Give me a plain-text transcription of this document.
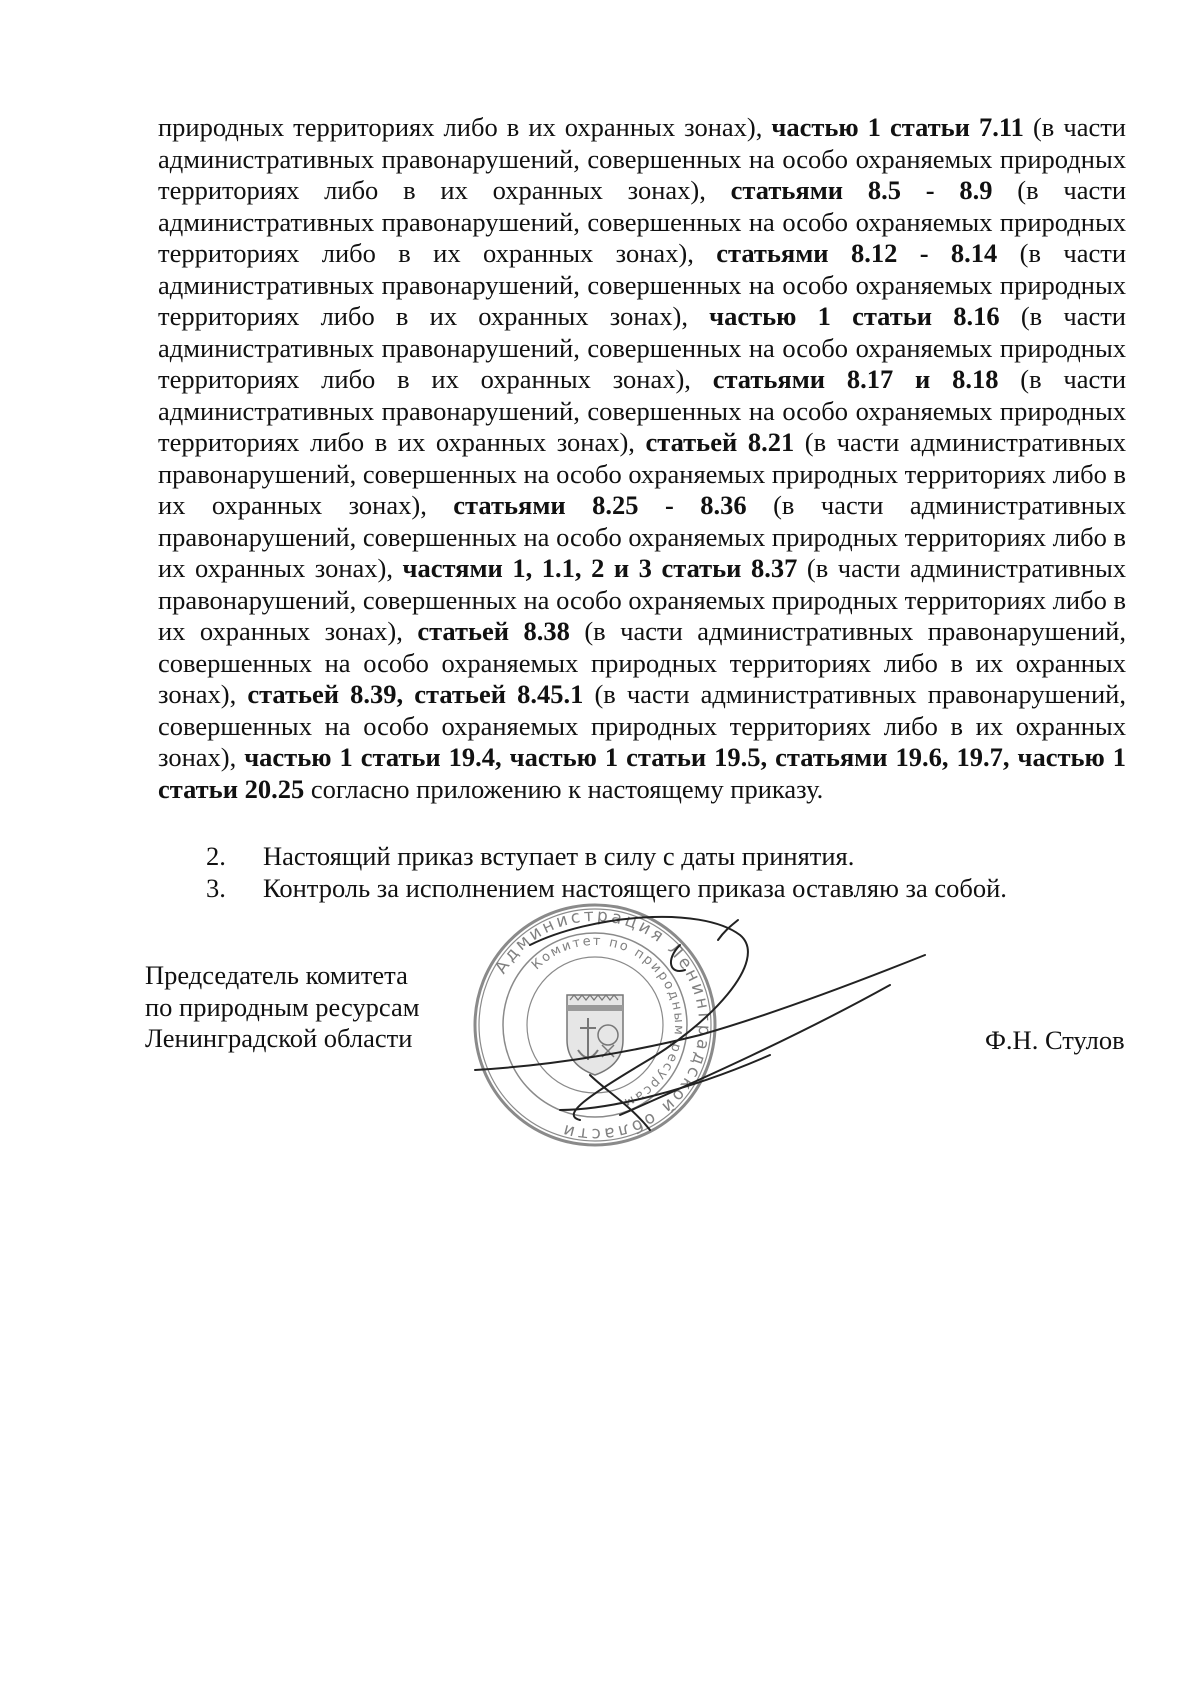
природных территориях либо в их охранных зонах), частью 1 статьи 7.11 (в части административных правонарушений, совершенных на особо охраняемых природных территориях либо в их охранных зонах), статьями 8.5 - 8.9 (в части административных правонарушений, совершенных на особо охраняемых природных территориях либо в их охранных зонах), статьями 8.12 - 8.14 (в части административных правонарушений, совершенных на особо охраняемых природных территориях либо в их охранных зонах), частью 1 статьи 8.16 (в части административных правонарушений, совершенных на особо охраняемых природных территориях либо в их охранных зонах), статьями 8.17 и 8.18 (в части административных правонарушений, совершенных на особо охраняемых природных территориях либо в их охранных зонах), статьей 8.21 (в части административных правонарушений, совершенных на особо охраняемых природных территориях либо в их охранных зонах), статьями 8.25 - 8.36 (в части административных правонарушений, совершенных на особо охраняемых природных территориях либо в их охранных зонах), частями 1, 1.1, 2 и 3 статьи 8.37 (в части административных правонарушений, совершенных на особо охраняемых природных территориях либо в их охранных зонах), статьей 8.38 (в части административных правонарушений, совершенных на особо охраняемых природных территориях либо в их охранных зонах), статьей 8.39, статьей 8.45.1 (в части административных правонарушений, совершенных на особо охраняемых природных территориях либо в их охранных зонах), частью 1 статьи 19.4, частью 1 статьи 19.5, статьями 19.6, 19.7, частью 1 статьи 20.25 согласно приложению к настоящему приказу.

2.	Настоящий приказ вступает в силу с даты принятия.
3.	Контроль за исполнением настоящего приказа оставляю за собой.
Председатель комитета
по природным ресурсам
Ленинградской области
Администрация Ленинградской области
Комитет по природным ресурсам
Ф.Н. Стулов
